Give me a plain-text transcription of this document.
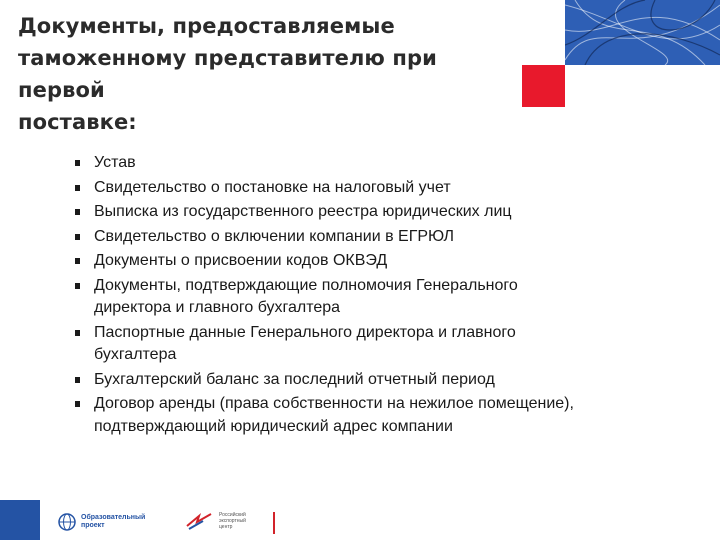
Документы, предоставляемые
таможенному представителю при первой
поставке:
Устав
Свидетельство о постановке на налоговый учет
Выписка из государственного реестра юридических лиц
Свидетельство о включении компании в ЕГРЮЛ
Документы о присвоении кодов ОКВЭД
Документы, подтверждающие полномочия Генерального директора и главного бухгалтера
Паспортные данные Генерального директора и главного бухгалтера
Бухгалтерский баланс за последний отчетный период
Договор аренды (права собственности на нежилое помещение), подтверждающий юридический адрес компании
Образовательный проект
Российский экспортный центр
